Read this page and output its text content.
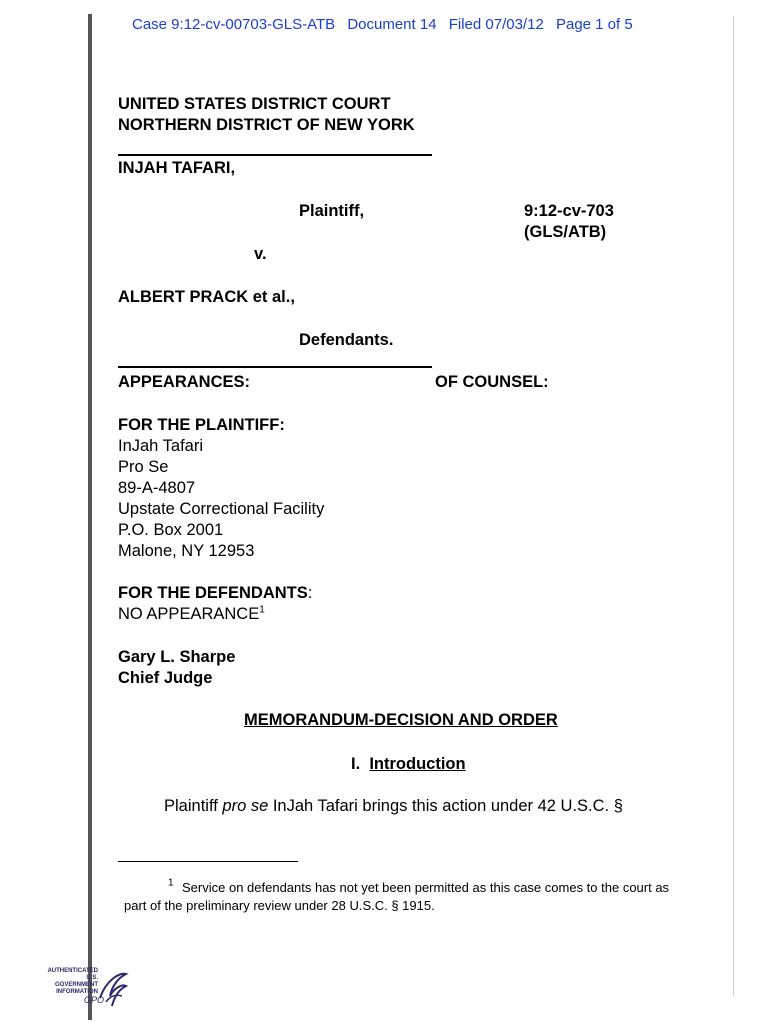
Case 9:12-cv-00703-GLS-ATB Document 14 Filed 07/03/12 Page 1 of 5
UNITED STATES DISTRICT COURT
NORTHERN DISTRICT OF NEW YORK
INJAH TAFARI,
Plaintiff,	9:12-cv-703
(GLS/ATB)
v.
ALBERT PRACK et al.,
Defendants.
APPEARANCES:	OF COUNSEL:
FOR THE PLAINTIFF:
InJah Tafari
Pro Se
89-A-4807
Upstate Correctional Facility
P.O. Box 2001
Malone, NY 12953
FOR THE DEFENDANTS:
NO APPEARANCE$^1$
Gary L. Sharpe
Chief Judge
MEMORANDUM-DECISION AND ORDER
I. Introduction
Plaintiff pro se InJah Tafari brings this action under 42 U.S.C. §
$^1$ Service on defendants has not yet been permitted as this case comes to the court as
part of the preliminary review under 28 U.S.C. § 1915.
AUTHENTICATED
U.S. GOVERNMENT
INFORMATION
GPO
